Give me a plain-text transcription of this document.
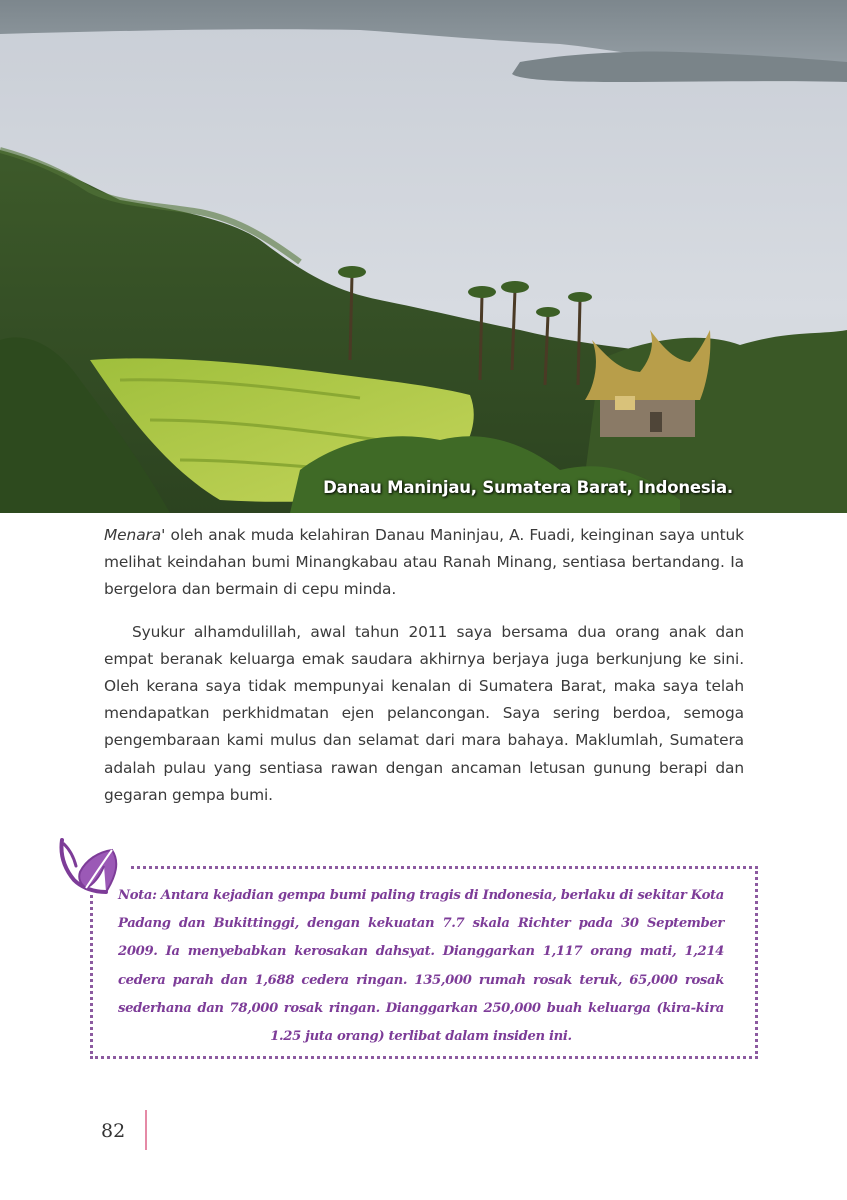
Danau Maninjau, Sumatera Barat, Indonesia.

Menara' oleh anak muda kelahiran Danau Maninjau, A. Fuadi, keinginan saya untuk melihat keindahan bumi Minangkabau atau Ranah Minang, sentiasa bertandang. Ia bergelora dan bermain di cepu minda.

Syukur alhamdulillah, awal tahun 2011 saya bersama dua orang anak dan empat beranak keluarga emak saudara akhirnya berjaya juga berkunjung ke sini. Oleh kerana saya tidak mempunyai kenalan di Sumatera Barat, maka saya telah mendapatkan perkhidmatan ejen pelancongan. Saya sering berdoa, semoga pengembaraan kami mulus dan selamat dari mara bahaya. Maklumlah, Sumatera adalah pulau yang sentiasa rawan dengan ancaman letusan gunung berapi dan gegaran gempa bumi.

Nota: Antara kejadian gempa bumi paling tragis di Indonesia, berlaku di sekitar Kota Padang dan Bukittinggi, dengan kekuatan 7.7 skala Richter pada 30 September 2009. Ia menyebabkan kerosakan dahsyat. Dianggarkan 1,117 orang mati, 1,214 cedera parah dan 1,688 cedera ringan. 135,000 rumah rosak teruk, 65,000 rosak sederhana dan 78,000 rosak ringan. Dianggarkan 250,000 buah keluarga (kira-kira 1.25 juta orang) terlibat dalam insiden ini.
82
